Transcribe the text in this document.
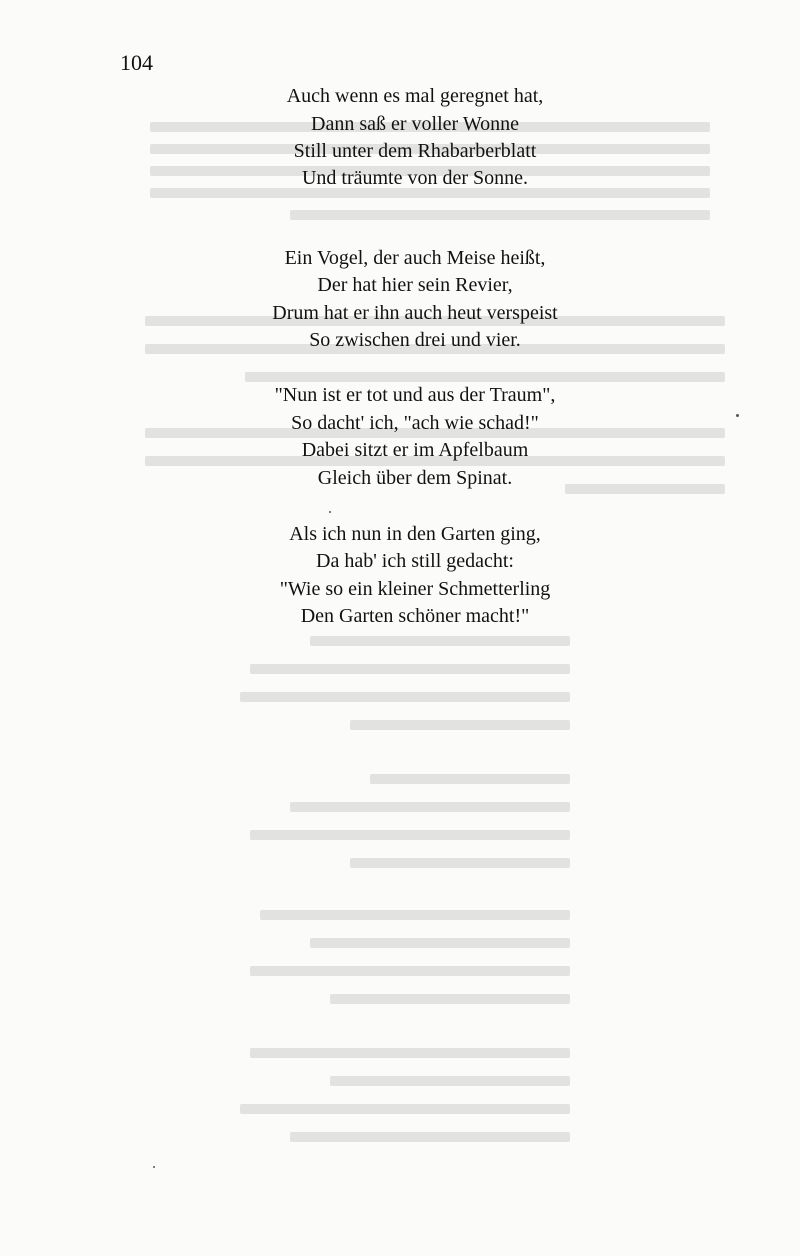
104
Auch wenn es mal geregnet hat,
Dann saß er voller Wonne
Still unter dem Rhabarberblatt
Und träumte von der Sonne.
Ein Vogel, der auch Meise heißt,
Der hat hier sein Revier,
Drum hat er ihn auch heut verspeist
So zwischen drei und vier.
"Nun ist er tot und aus der Traum",
So dacht' ich, "ach wie schad!"
Dabei sitzt er im Apfelbaum
Gleich über dem Spinat.
Als ich nun in den Garten ging,
Da hab' ich still gedacht:
"Wie so ein kleiner Schmetterling
Den Garten schöner macht!"
